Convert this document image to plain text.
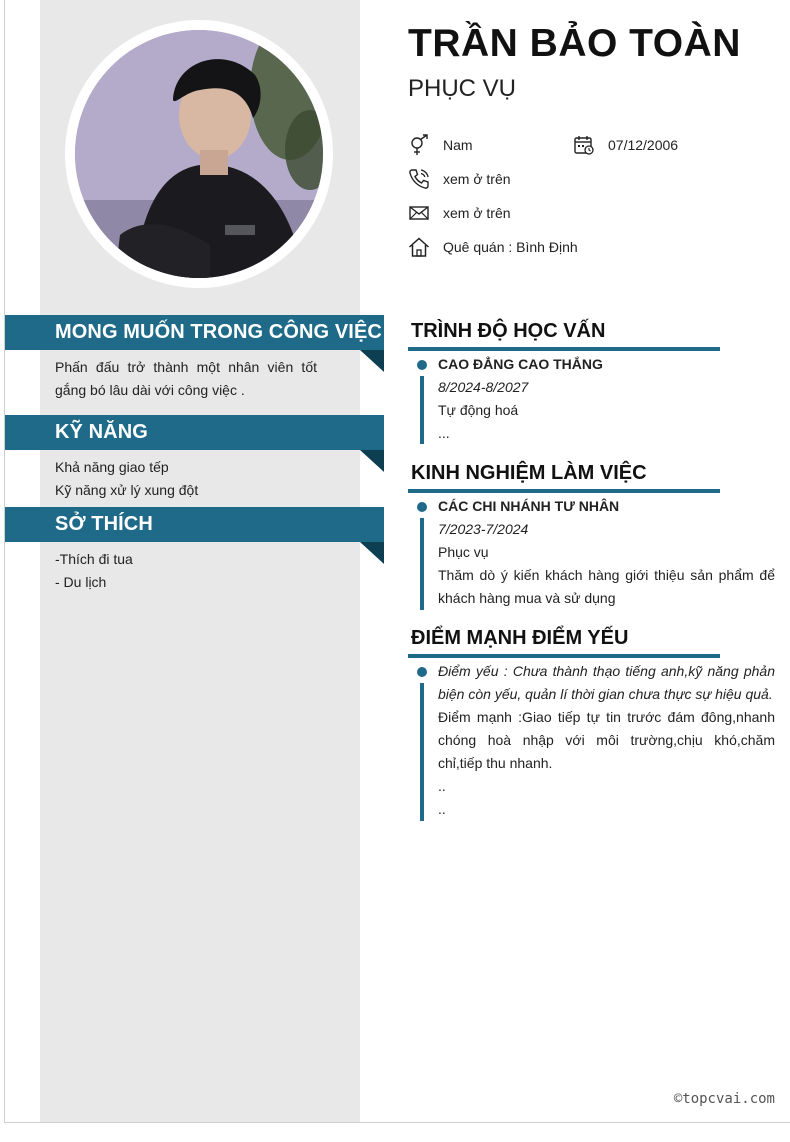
MONG MUỐN TRONG CÔNG VIỆC
Phấn đấu trở thành một nhân viên tốt gắng bó lâu dài với công việc .
KỸ NĂNG
Khả năng giao tếp
Kỹ năng xử lý xung đột
SỞ THÍCH
-Thích đi tua
- Du lịch
TRẦN BẢO TOÀN
PHỤC VỤ
Nam	07/12/2006
xem ở trên
xem ở trên
Quê quán : Bình Định
TRÌNH ĐỘ HỌC VẤN

CAO ĐẲNG CAO THẮNG

8/2024-8/2027

Tự động hoá

...

KINH NGHIỆM LÀM VIỆC

CÁC CHI NHÁNH TƯ NHÂN

7/2023-7/2024

Phục vụ

Thăm dò ý kiến khách hàng giới thiệu sản phẩm để khách hàng mua và sử dụng

ĐIỂM MẠNH ĐIỂM YẾU

Điểm yếu : Chưa thành thạo tiếng anh,kỹ năng phản biện còn yếu, quản lí thời gian chưa thực sự hiệu quả.

Điểm mạnh :Giao tiếp tự tin trước đám đông,nhanh chóng hoà nhập với môi trường,chịu khó,chăm chỉ,tiếp thu nhanh.

..

..

©topcvai.com
